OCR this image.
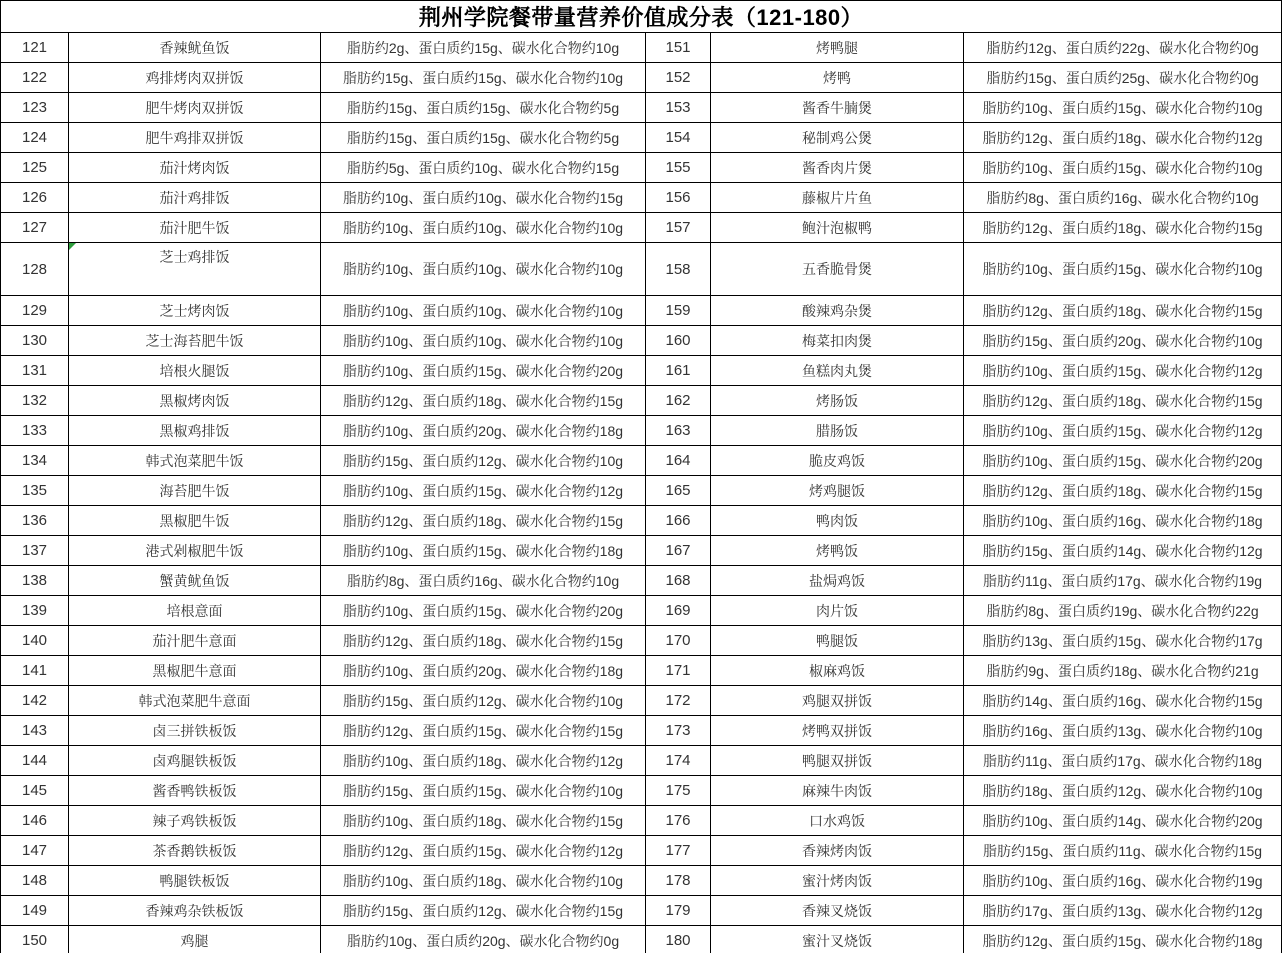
荆州学院餐带量营养价值成分表（121-180）					
121	香辣鱿鱼饭	脂肪约2g、蛋白质约15g、碳水化合物约10g	151	烤鸭腿	脂肪约12g、蛋白质约22g、碳水化合物约0g
122	鸡排烤肉双拼饭	脂肪约15g、蛋白质约15g、碳水化合物约10g	152	烤鸭	脂肪约15g、蛋白质约25g、碳水化合物约0g
123	肥牛烤肉双拼饭	脂肪约15g、蛋白质约15g、碳水化合物约5g	153	酱香牛腩煲	脂肪约10g、蛋白质约15g、碳水化合物约10g
124	肥牛鸡排双拼饭	脂肪约15g、蛋白质约15g、碳水化合物约5g	154	秘制鸡公煲	脂肪约12g、蛋白质约18g、碳水化合物约12g
125	茄汁烤肉饭	脂肪约5g、蛋白质约10g、碳水化合物约15g	155	酱香肉片煲	脂肪约10g、蛋白质约15g、碳水化合物约10g
126	茄汁鸡排饭	脂肪约10g、蛋白质约10g、碳水化合物约15g	156	藤椒片片鱼	脂肪约8g、蛋白质约16g、碳水化合物约10g
127	茄汁肥牛饭	脂肪约10g、蛋白质约10g、碳水化合物约10g	157	鲍汁泡椒鸭	脂肪约12g、蛋白质约18g、碳水化合物约15g
128	芝士鸡排饭	脂肪约10g、蛋白质约10g、碳水化合物约10g	158	五香脆骨煲	脂肪约10g、蛋白质约15g、碳水化合物约10g
129	芝士烤肉饭	脂肪约10g、蛋白质约10g、碳水化合物约10g	159	酸辣鸡杂煲	脂肪约12g、蛋白质约18g、碳水化合物约15g
130	芝士海苔肥牛饭	脂肪约10g、蛋白质约10g、碳水化合物约10g	160	梅菜扣肉煲	脂肪约15g、蛋白质约20g、碳水化合物约10g
131	培根火腿饭	脂肪约10g、蛋白质约15g、碳水化合物约20g	161	鱼糕肉丸煲	脂肪约10g、蛋白质约15g、碳水化合物约12g
132	黑椒烤肉饭	脂肪约12g、蛋白质约18g、碳水化合物约15g	162	烤肠饭	脂肪约12g、蛋白质约18g、碳水化合物约15g
133	黑椒鸡排饭	脂肪约10g、蛋白质约20g、碳水化合物约18g	163	腊肠饭	脂肪约10g、蛋白质约15g、碳水化合物约12g
134	韩式泡菜肥牛饭	脂肪约15g、蛋白质约12g、碳水化合物约10g	164	脆皮鸡饭	脂肪约10g、蛋白质约15g、碳水化合物约20g
135	海苔肥牛饭	脂肪约10g、蛋白质约15g、碳水化合物约12g	165	烤鸡腿饭	脂肪约12g、蛋白质约18g、碳水化合物约15g
136	黑椒肥牛饭	脂肪约12g、蛋白质约18g、碳水化合物约15g	166	鸭肉饭	脂肪约10g、蛋白质约16g、碳水化合物约18g
137	港式剁椒肥牛饭	脂肪约10g、蛋白质约15g、碳水化合物约18g	167	烤鸭饭	脂肪约15g、蛋白质约14g、碳水化合物约12g
138	蟹黄鱿鱼饭	脂肪约8g、蛋白质约16g、碳水化合物约10g	168	盐焗鸡饭	脂肪约11g、蛋白质约17g、碳水化合物约19g
139	培根意面	脂肪约10g、蛋白质约15g、碳水化合物约20g	169	肉片饭	脂肪约8g、蛋白质约19g、碳水化合物约22g
140	茄汁肥牛意面	脂肪约12g、蛋白质约18g、碳水化合物约15g	170	鸭腿饭	脂肪约13g、蛋白质约15g、碳水化合物约17g
141	黑椒肥牛意面	脂肪约10g、蛋白质约20g、碳水化合物约18g	171	椒麻鸡饭	脂肪约9g、蛋白质约18g、碳水化合物约21g
142	韩式泡菜肥牛意面	脂肪约15g、蛋白质约12g、碳水化合物约10g	172	鸡腿双拼饭	脂肪约14g、蛋白质约16g、碳水化合物约15g
143	卤三拼铁板饭	脂肪约12g、蛋白质约15g、碳水化合物约15g	173	烤鸭双拼饭	脂肪约16g、蛋白质约13g、碳水化合物约10g
144	卤鸡腿铁板饭	脂肪约10g、蛋白质约18g、碳水化合物约12g	174	鸭腿双拼饭	脂肪约11g、蛋白质约17g、碳水化合物约18g
145	酱香鸭铁板饭	脂肪约15g、蛋白质约15g、碳水化合物约10g	175	麻辣牛肉饭	脂肪约18g、蛋白质约12g、碳水化合物约10g
146	辣子鸡铁板饭	脂肪约10g、蛋白质约18g、碳水化合物约15g	176	口水鸡饭	脂肪约10g、蛋白质约14g、碳水化合物约20g
147	茶香鹅铁板饭	脂肪约12g、蛋白质约15g、碳水化合物约12g	177	香辣烤肉饭	脂肪约15g、蛋白质约11g、碳水化合物约15g
148	鸭腿铁板饭	脂肪约10g、蛋白质约18g、碳水化合物约10g	178	蜜汁烤肉饭	脂肪约10g、蛋白质约16g、碳水化合物约19g
149	香辣鸡杂铁板饭	脂肪约15g、蛋白质约12g、碳水化合物约15g	179	香辣叉烧饭	脂肪约17g、蛋白质约13g、碳水化合物约12g
150	鸡腿	脂肪约10g、蛋白质约20g、碳水化合物约0g	180	蜜汁叉烧饭	脂肪约12g、蛋白质约15g、碳水化合物约18g
